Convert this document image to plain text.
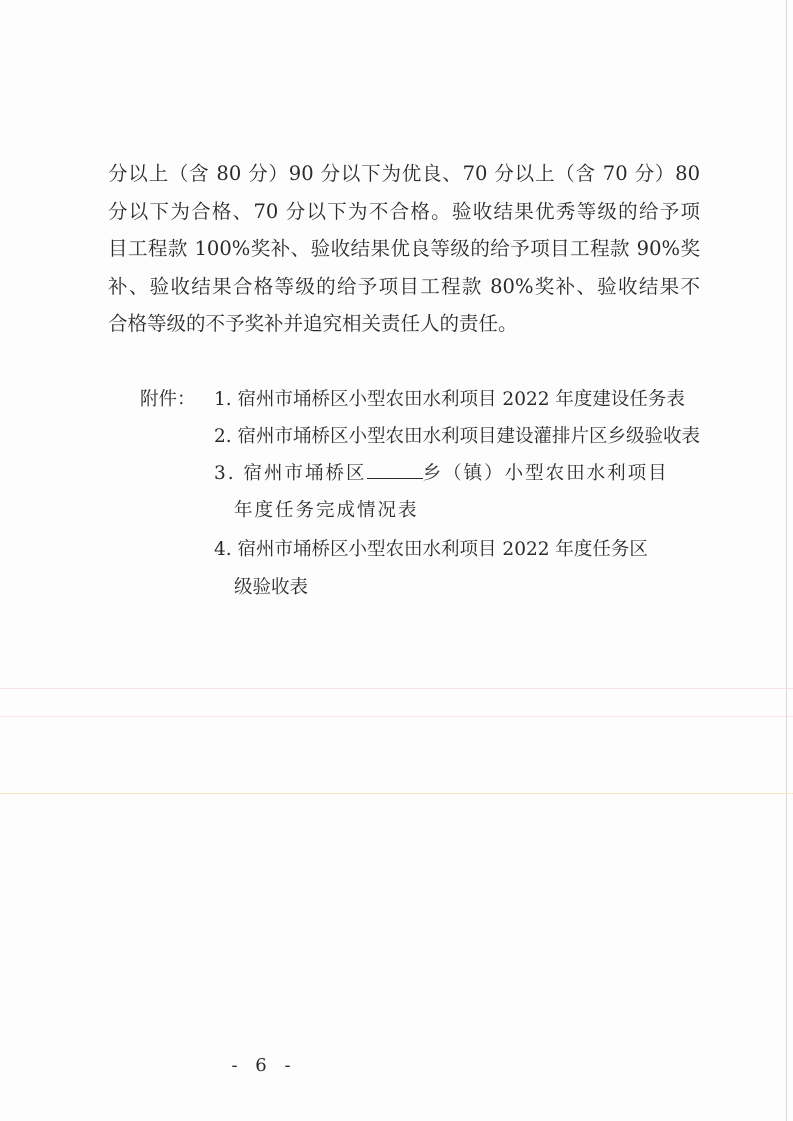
分以上（含 80 分）90 分以下为优良、70 分以上（含 70 分）80
分以下为合格、70 分以下为不合格。验收结果优秀等级的给予项
目工程款 100%奖补、验收结果优良等级的给予项目工程款 90%奖
补、验收结果合格等级的给予项目工程款 80%奖补、验收结果不
合格等级的不予奖补并追究相关责任人的责任。
附件： 1. 宿州市埇桥区小型农田水利项目 2022 年度建设任务表
2. 宿州市埇桥区小型农田水利项目建设灌排片区乡级验收表
3. 宿州市埇桥区	乡（镇）小型农田水利项目
年度任务完成情况表
4. 宿州市埇桥区小型农田水利项目 2022 年度任务区
级验收表
- 6 -
